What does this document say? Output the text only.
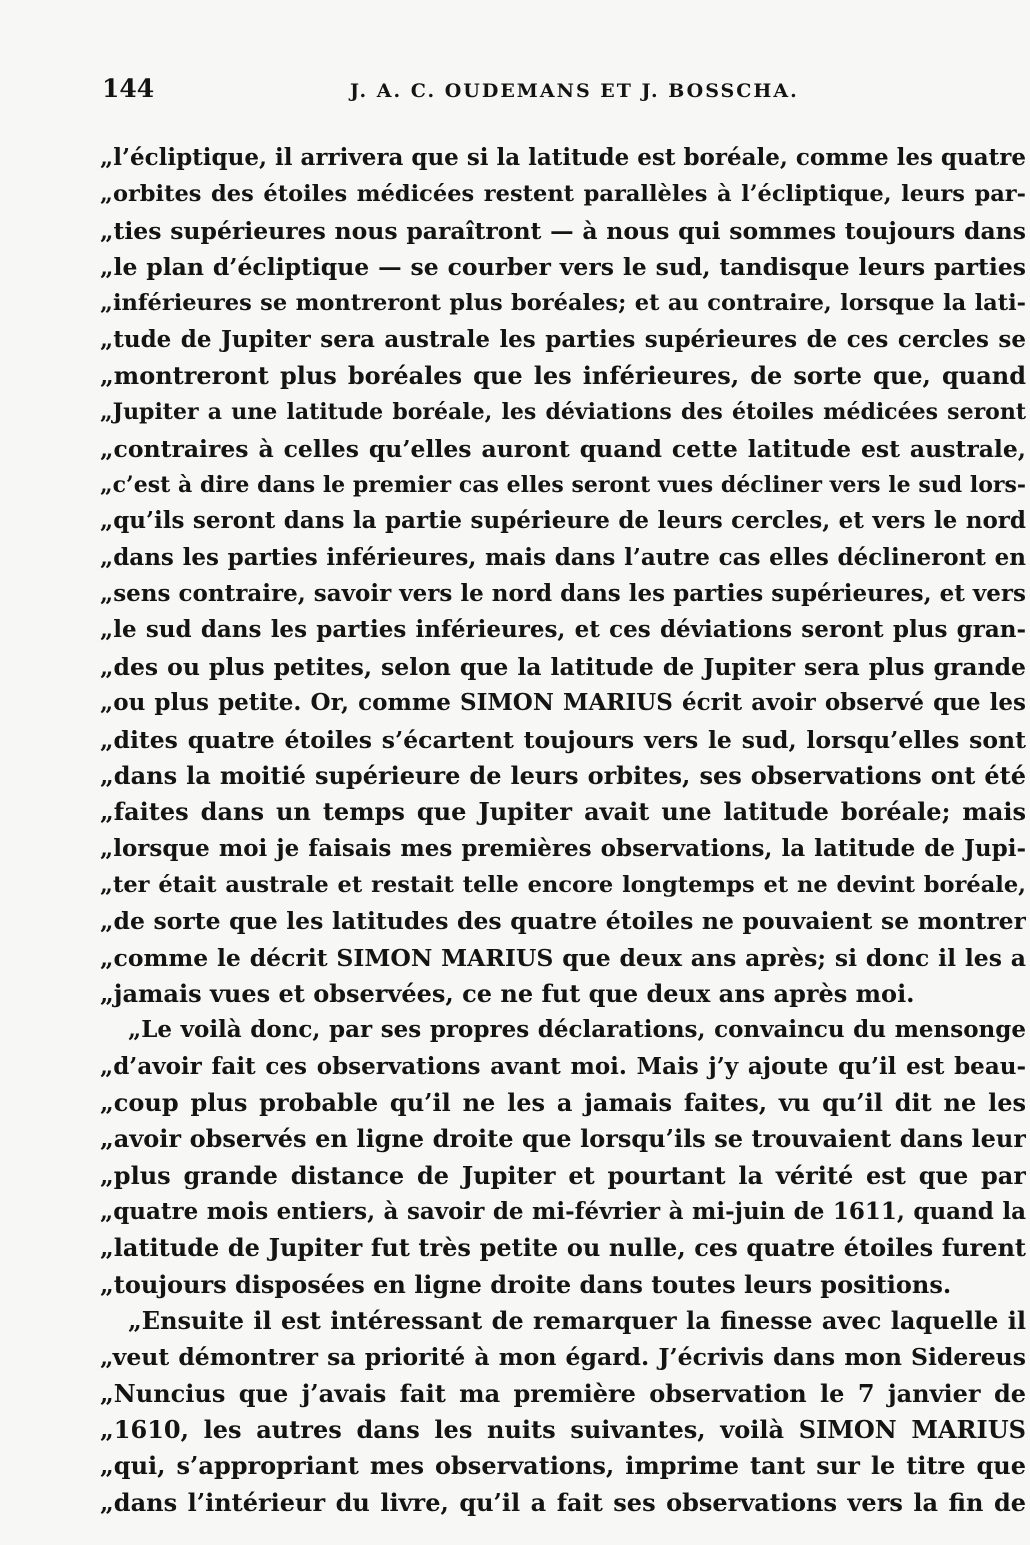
144	J. A. C. OUDEMANS ET J. BOSSCHA.
„l’écliptique, il arrivera que si la latitude est boréale, comme les quatre
„orbites des étoiles médicées restent parallèles à l’écliptique, leurs par-
„ties supérieures nous paraîtront — à nous qui sommes toujours dans
„le plan d’écliptique — se courber vers le sud, tandisque leurs parties
„inférieures se montreront plus boréales; et au contraire, lorsque la lati-
„tude de Jupiter sera australe les parties supérieures de ces cercles se
„montreront plus boréales que les inférieures, de sorte que, quand
„Jupiter a une latitude boréale, les déviations des étoiles médicées seront
„contraires à celles qu’elles auront quand cette latitude est australe,
„c’est à dire dans le premier cas elles seront vues décliner vers le sud lors-
„qu’ils seront dans la partie supérieure de leurs cercles, et vers le nord
„dans les parties inférieures, mais dans l’autre cas elles déclineront en
„sens contraire, savoir vers le nord dans les parties supérieures, et vers
„le sud dans les parties inférieures, et ces déviations seront plus gran-
„des ou plus petites, selon que la latitude de Jupiter sera plus grande
„ou plus petite. Or, comme SIMON MARIUS écrit avoir observé que les
„dites quatre étoiles s’écartent toujours vers le sud, lorsqu’elles sont
„dans la moitié supérieure de leurs orbites, ses observations ont été
„faites dans un temps que Jupiter avait une latitude boréale; mais
„lorsque moi je faisais mes premières observations, la latitude de Jupi-
„ter était australe et restait telle encore longtemps et ne devint boréale,
„de sorte que les latitudes des quatre étoiles ne pouvaient se montrer
„comme le décrit SIMON MARIUS que deux ans après; si donc il les a
„jamais vues et observées, ce ne fut que deux ans après moi.
„Le voilà donc, par ses propres déclarations, convaincu du mensonge
„d’avoir fait ces observations avant moi. Mais j’y ajoute qu’il est beau-
„coup plus probable qu’il ne les a jamais faites, vu qu’il dit ne les
„avoir observés en ligne droite que lorsqu’ils se trouvaient dans leur
„plus grande distance de Jupiter et pourtant la vérité est que par
„quatre mois entiers, à savoir de mi-février à mi-juin de 1611, quand la
„latitude de Jupiter fut très petite ou nulle, ces quatre étoiles furent
„toujours disposées en ligne droite dans toutes leurs positions.
„Ensuite il est intéressant de remarquer la finesse avec laquelle il
„veut démontrer sa priorité à mon égard. J’écrivis dans mon Sidereus
„Nuncius que j’avais fait ma première observation le 7 janvier de
„1610, les autres dans les nuits suivantes, voilà SIMON MARIUS
„qui, s’appropriant mes observations, imprime tant sur le titre que
„dans l’intérieur du livre, qu’il a fait ses observations vers la fin de
